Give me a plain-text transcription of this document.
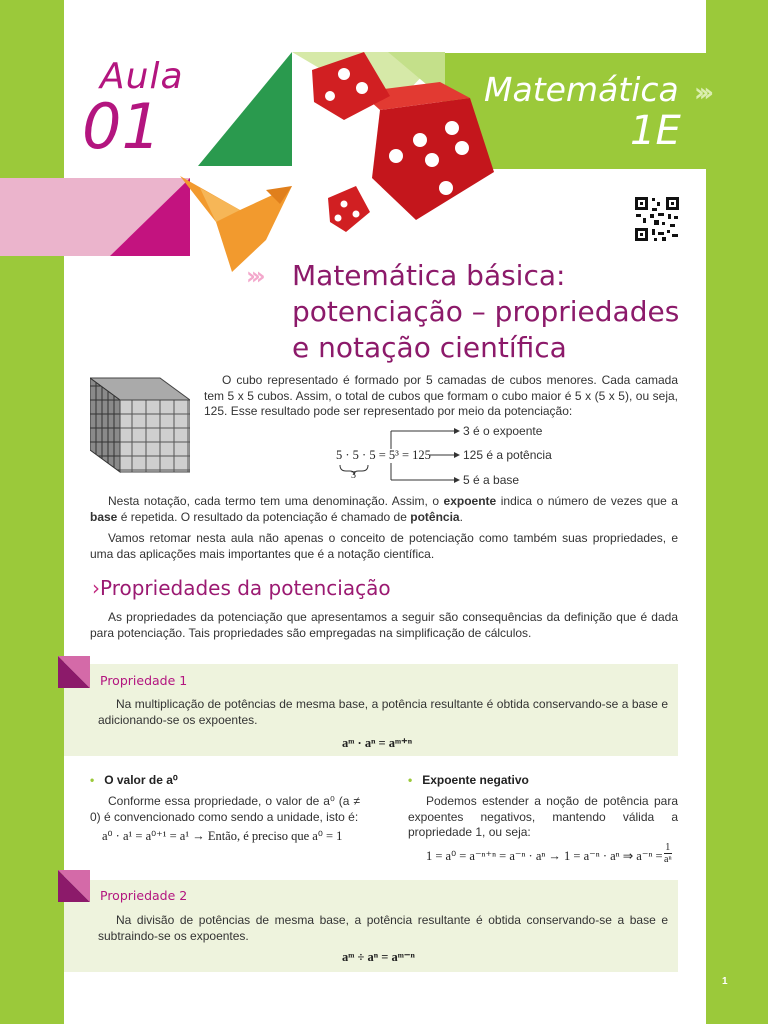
Aula
01
Matemática
1E
›››
››› Matemática básica:
potenciação – propriedades
e notação científica
O cubo representado é formado por 5 camadas de cubos menores. Cada camada tem 5 x 5 cubos. Assim, o total de cubos que formam o cubo maior é 5 x (5 x 5), ou seja, 125. Esse resultado pode ser representado por meio da potenciação:
5 · 5 · 5 = 5³ = 125
3
3 é o expoente
125 é a potência
5 é a base
Nesta notação, cada termo tem uma denominação. Assim, o expoente indica o número de vezes que a base é repetida. O resultado da potenciação é chamado de potência.
Vamos retomar nesta aula não apenas o conceito de potenciação como também suas propriedades, e uma das aplicações mais importantes que é a notação científica.
›Propriedades da potenciação
As propriedades da potenciação que apresentamos a seguir são consequências da definição que é dada para potenciação. Tais propriedades são empregadas na simplificação de cálculos.
Propriedade 1
Na multiplicação de potências de mesma base, a potência resultante é obtida conservando-se a base e adicionando-se os expoentes.
aᵐ · aⁿ = aᵐ⁺ⁿ
• O valor de a⁰
Conforme essa propriedade, o valor de a⁰ (a ≠ 0) é convencionado como sendo a unidade, isto é:
a⁰ · a¹ = a⁰⁺¹ = a¹ → Então, é preciso que a⁰ = 1
• Expoente negativo
Podemos estender a noção de potência para expoentes negativos, mantendo válida a propriedade 1, ou seja:
1 = a⁰ = a⁻ⁿ⁺ⁿ = a⁻ⁿ · aⁿ → 1 = a⁻ⁿ · aⁿ ⇒ $a^{-n} = \frac{1}{\text{aⁿ}}$
Propriedade 2
Na divisão de potências de mesma base, a potência resultante é obtida conservando-se a base e subtraindo-se os expoentes.
aᵐ ÷ aⁿ = aᵐ⁻ⁿ
1
